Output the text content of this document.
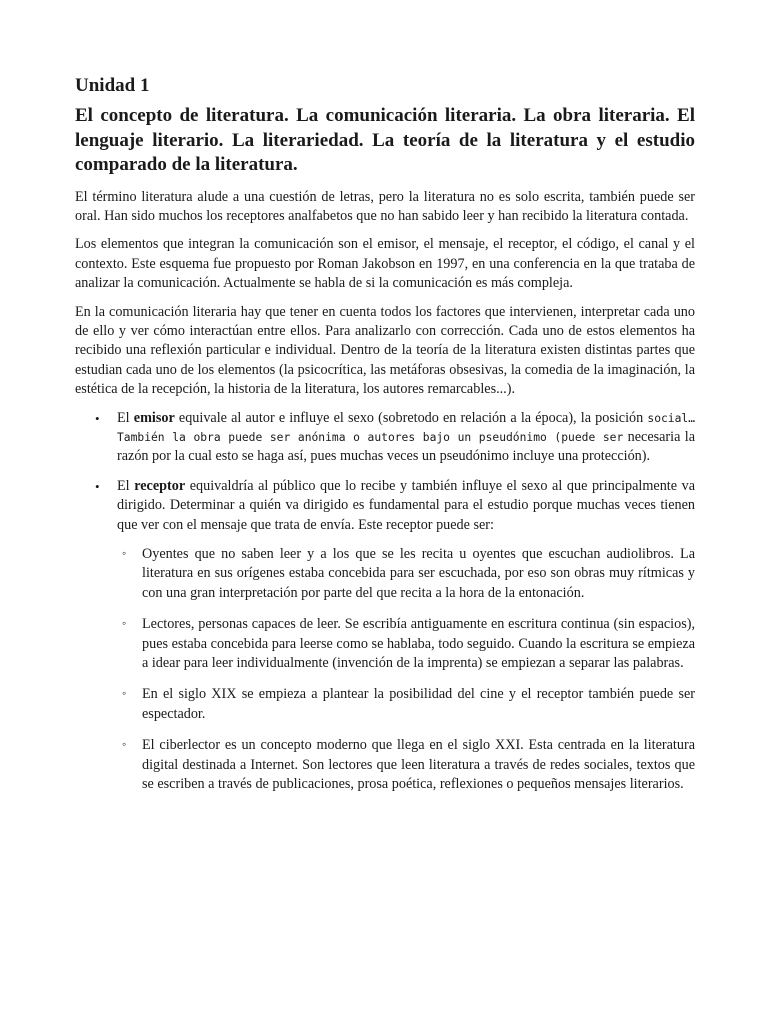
Unidad 1
El concepto de literatura. La comunicación literaria. La obra literaria. El lenguaje literario. La literariedad. La teoría de la literatura y el estudio comparado de la literatura.

El término literatura alude a una cuestión de letras, pero la literatura no es solo escrita, también puede ser oral. Han sido muchos los receptores analfabetos que no han sabido leer y han recibido la literatura contada.

Los elementos que integran la comunicación son el emisor, el mensaje, el receptor, el código, el canal y el contexto. Este esquema fue propuesto por Roman Jakobson en 1997, en una conferencia en la que trataba de analizar la comunicación. Actualmente se habla de si la comunicación es más compleja.

En la comunicación literaria hay que tener en cuenta todos los factores que intervienen, interpretar cada uno de ello y ver cómo interactúan entre ellos. Para analizarlo con corrección. Cada uno de estos elementos ha recibido una reflexión particular e individual. Dentro de la teoría de la literatura existen distintas partes que estudian cada uno de los elementos (la psicocrítica, las metáforas obsesivas, la comedia de la imaginación, la estética de la recepción, la historia de la literatura, los autores remarcables...).

• El emisor equivale al autor e influye el sexo (sobretodo en relación a la época), la posición social… También la obra puede ser anónima o autores bajo un pseudónimo (puede ser necesaria la razón por la cual esto se haga así, pues muchas veces un pseudónimo incluye una protección).
• El receptor equivaldría al público que lo recibe y también influye el sexo al que principalmente va dirigido. Determinar a quién va dirigido es fundamental para el estudio porque muchas veces tienen que ver con el mensaje que trata de envía. Este receptor puede ser:
◦ Oyentes que no saben leer y a los que se les recita u oyentes que escuchan audiolibros. La literatura en sus orígenes estaba concebida para ser escuchada, por eso son obras muy rítmicas y con una gran interpretación por parte del que recita a la hora de la entonación.
◦ Lectores, personas capaces de leer. Se escribía antiguamente en escritura continua (sin espacios), pues estaba concebida para leerse como se hablaba, todo seguido. Cuando la escritura se empieza a idear para leer individualmente (invención de la imprenta) se empiezan a separar las palabras.
◦ En el siglo XIX se empieza a plantear la posibilidad del cine y el receptor también puede ser espectador.
◦ El ciberlector es un concepto moderno que llega en el siglo XXI. Esta centrada en la literatura digital destinada a Internet. Son lectores que leen literatura a través de redes sociales, textos que se escriben a través de publicaciones, prosa poética, reflexiones o pequeños mensajes literarios.
